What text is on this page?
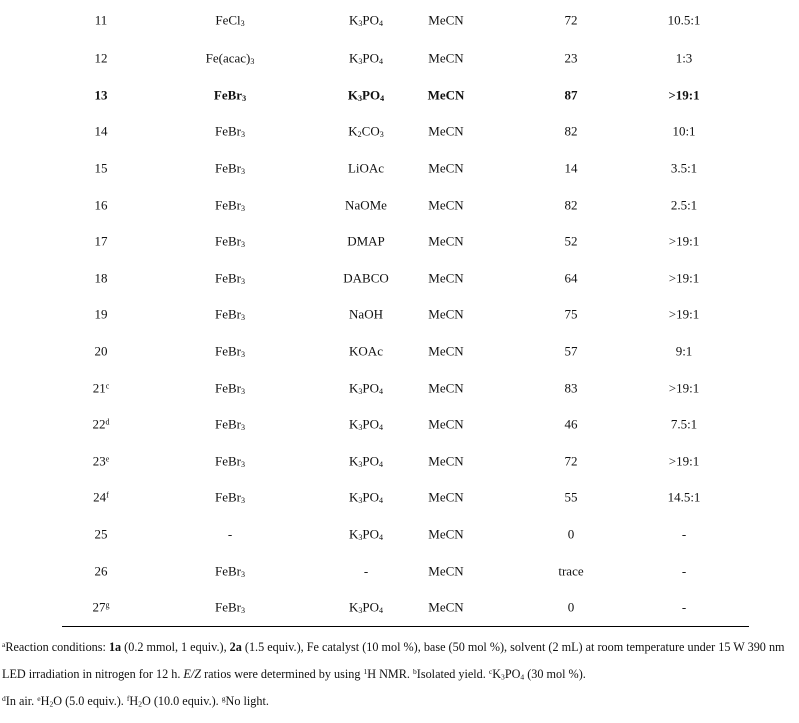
11	FeCl$_3$	$K_3PO_4$	MeCN	72	10.5:1
12	$Fe(acac)_3$	$K_3PO_4$	MeCN	23	1:3
13	FeBr$_3$	$K_3PO_4$	MeCN	87	>19:1
14	FeBr$_3$	$K_2CO_3$	MeCN	82	10:1
15	FeBr$_3$	LiOAc	MeCN	14	3.5:1
16	FeBr$_3$	NaOMe	MeCN	82	2.5:1
17	FeBr$_3$	DMAP	MeCN	52	>19:1
18	FeBr$_3$	DABCO	MeCN	64	>19:1
19	FeBr$_3$	NaOH	MeCN	75	>19:1
20	FeBr$_3$	KOAc	MeCN	57	9:1
21$^c$	FeBr$_3$	$K_3PO_4$	MeCN	83	>19:1
22$^d$	FeBr$_3$	$K_3PO_4$	MeCN	46	7.5:1
23e	FeBr$_3$	$K_3PO_4$	MeCN	72	>19:1
24$^f$	FeBr$_3$	$K_3PO_4$	MeCN	55	14.5:1
25	-	$K_3PO_4$	MeCN	0	-
26	FeBr$_3$	-	MeCN	trace	-
27$^g$	FeBr$_3$	$K_3PO_4$	MeCN	0	-
$^a$Reaction conditions: 1a (0.2 mmol, 1 equiv.), 2a (1.5 equiv.), Fe catalyst (10 mol %), base (50 mol %), solvent (2 mL) at room temperature under 15 W 390 nm LED irradiation in nitrogen for 12 h. E/Z ratios were determined by using $^1$H NMR. $^b$Isolated yield. $^cK_3PO_4$ (30 mol %).
$^d$In air. $^eH_2O$ (5.0 equiv.). $^fH_2O$ (10.0 equiv.). $^g$No light.
